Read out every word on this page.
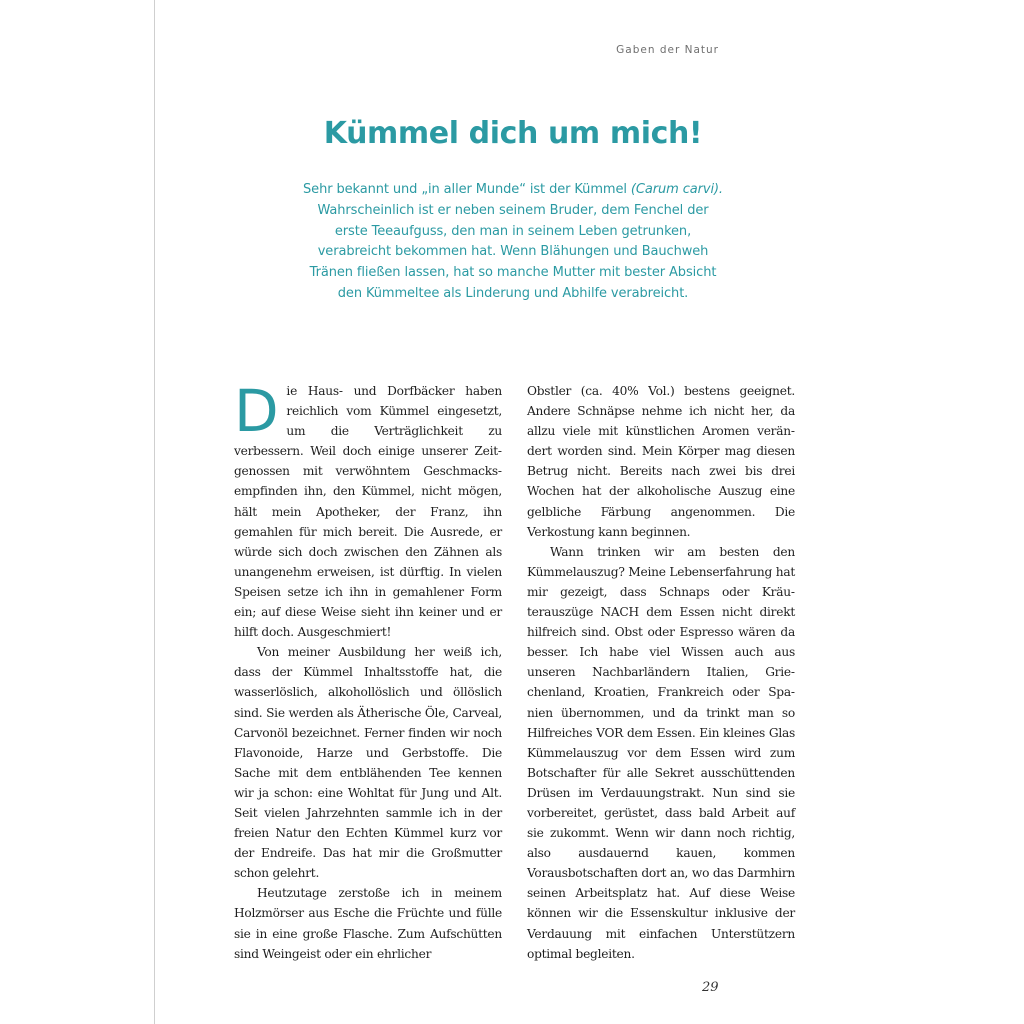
Gaben der Natur

Kümmel dich um mich!

Sehr bekannt und „in aller Munde“ ist der Kümmel (Carum carvi). Wahrscheinlich ist er neben seinem Bruder, dem Fenchel der erste Teeaufguss, den man in seinem Leben getrunken, verabreicht bekommen hat. Wenn Blähungen und Bauchweh Tränen fließen lassen, hat so manche Mutter mit bester Absicht den Kümmeltee als Linderung und Abhilfe verabreicht.

Die Haus- und Dorfbäcker haben reichlich vom Kümmel eingesetzt, um die Verträglichkeit zu verbessern. Weil doch einige unserer Zeitgenossen mit verwöhntem Geschmacksempfinden ihn, den Kümmel, nicht mögen, hält mein Apotheker, der Franz, ihn gemahlen für mich bereit. Die Ausrede, er würde sich doch zwischen den Zähnen als unangenehm erweisen, ist dürftig. In vielen Speisen setze ich ihn in gemahlener Form ein; auf diese Weise sieht ihn keiner und er hilft doch. Ausgeschmiert!

Von meiner Ausbildung her weiß ich, dass der Kümmel Inhaltsstoffe hat, die wasserlöslich, alkohollöslich und öllöslich sind. Sie werden als Ätherische Öle, Carveal, Carvonöl bezeichnet. Ferner finden wir noch Flavonoide, Harze und Gerbstoffe. Die Sache mit dem entblähenden Tee kennen wir ja schon: eine Wohltat für Jung und Alt. Seit vielen Jahrzehnten sammle ich in der freien Natur den Echten Kümmel kurz vor der Endreife. Das hat mir die Großmutter schon gelehrt.

Heutzutage zerstoße ich in meinem Holzmörser aus Esche die Früchte und fülle sie in eine große Flasche. Zum Aufschütten sind Weingeist oder ein ehrlicher

Obstler (ca. 40% Vol.) bestens geeignet. Andere Schnäpse nehme ich nicht her, da allzu viele mit künstlichen Aromen verändert worden sind. Mein Körper mag diesen Betrug nicht. Bereits nach zwei bis drei Wochen hat der alkoholische Auszug eine gelbliche Färbung angenommen. Die Verkostung kann beginnen.

Wann trinken wir am besten den Kümmelauszug? Meine Lebenserfahrung hat mir gezeigt, dass Schnaps oder Kräuterauszüge NACH dem Essen nicht direkt hilfreich sind. Obst oder Espresso wären da besser. Ich habe viel Wissen auch aus unseren Nachbarländern Italien, Griechenland, Kroatien, Frankreich oder Spanien übernommen, und da trinkt man so Hilfreiches VOR dem Essen. Ein kleines Glas Kümmelauszug vor dem Essen wird zum Botschafter für alle Sekret ausschüttenden Drüsen im Verdauungstrakt. Nun sind sie vorbereitet, gerüstet, dass bald Arbeit auf sie zukommt. Wenn wir dann noch richtig, also ausdauernd kauen, kommen Vorausbotschaften dort an, wo das Darmhirn seinen Arbeitsplatz hat. Auf diese Weise können wir die Essenskultur inklusive der Verdauung mit einfachen Unterstützern optimal begleiten.

29
